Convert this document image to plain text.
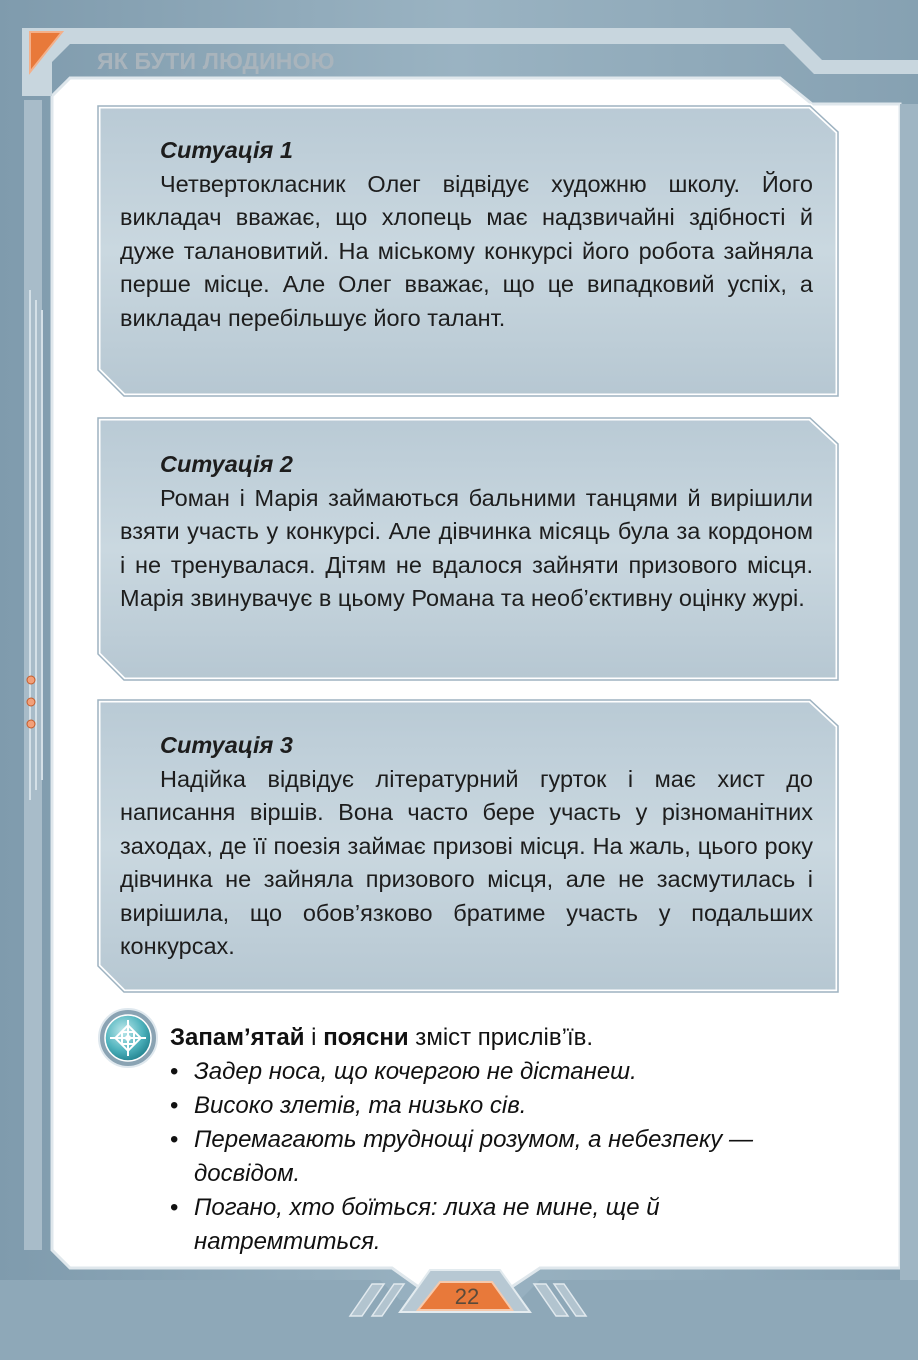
ЯК БУТИ ЛЮДИНОЮ
Ситуація 1

Четвертокласник Олег відвідує художню школу. Його викладач вважає, що хлопець має надзвичайні здібності й дуже талановитий. На міському конкурсі його робота зайняла перше місце. Але Олег вважає, що це випадковий успіх, а викладач перебільшує його талант.

Ситуація 2

Роман і Марія займаються бальними танцями й вирішили взяти участь у конкурсі. Але дівчинка місяць була за кордоном і не тренувалася. Дітям не вдалося зайняти призового місця. Марія звинувачує в цьому Романа та необ’єктивну оцінку журі.

Ситуація 3

Надійка відвідує літературний гурток і має хист до написання віршів. Вона часто бере участь у різноманітних заходах, де її поезія займає призові місця. На жаль, цього року дівчинка не зайняла призового місця, але не засмутилась і вирішила, що обов’язково братиме участь у подальших конкурсах.

Запам’ятай і поясни зміст прислів’їв.
• Задер носа, що кочергою не дістанеш.
• Високо злетів, та низько сів.
• Перемагають труднощі розумом, а небезпеку — досвідом.
• Погано, хто боїться: лиха не мине, ще й натремтиться.
22
